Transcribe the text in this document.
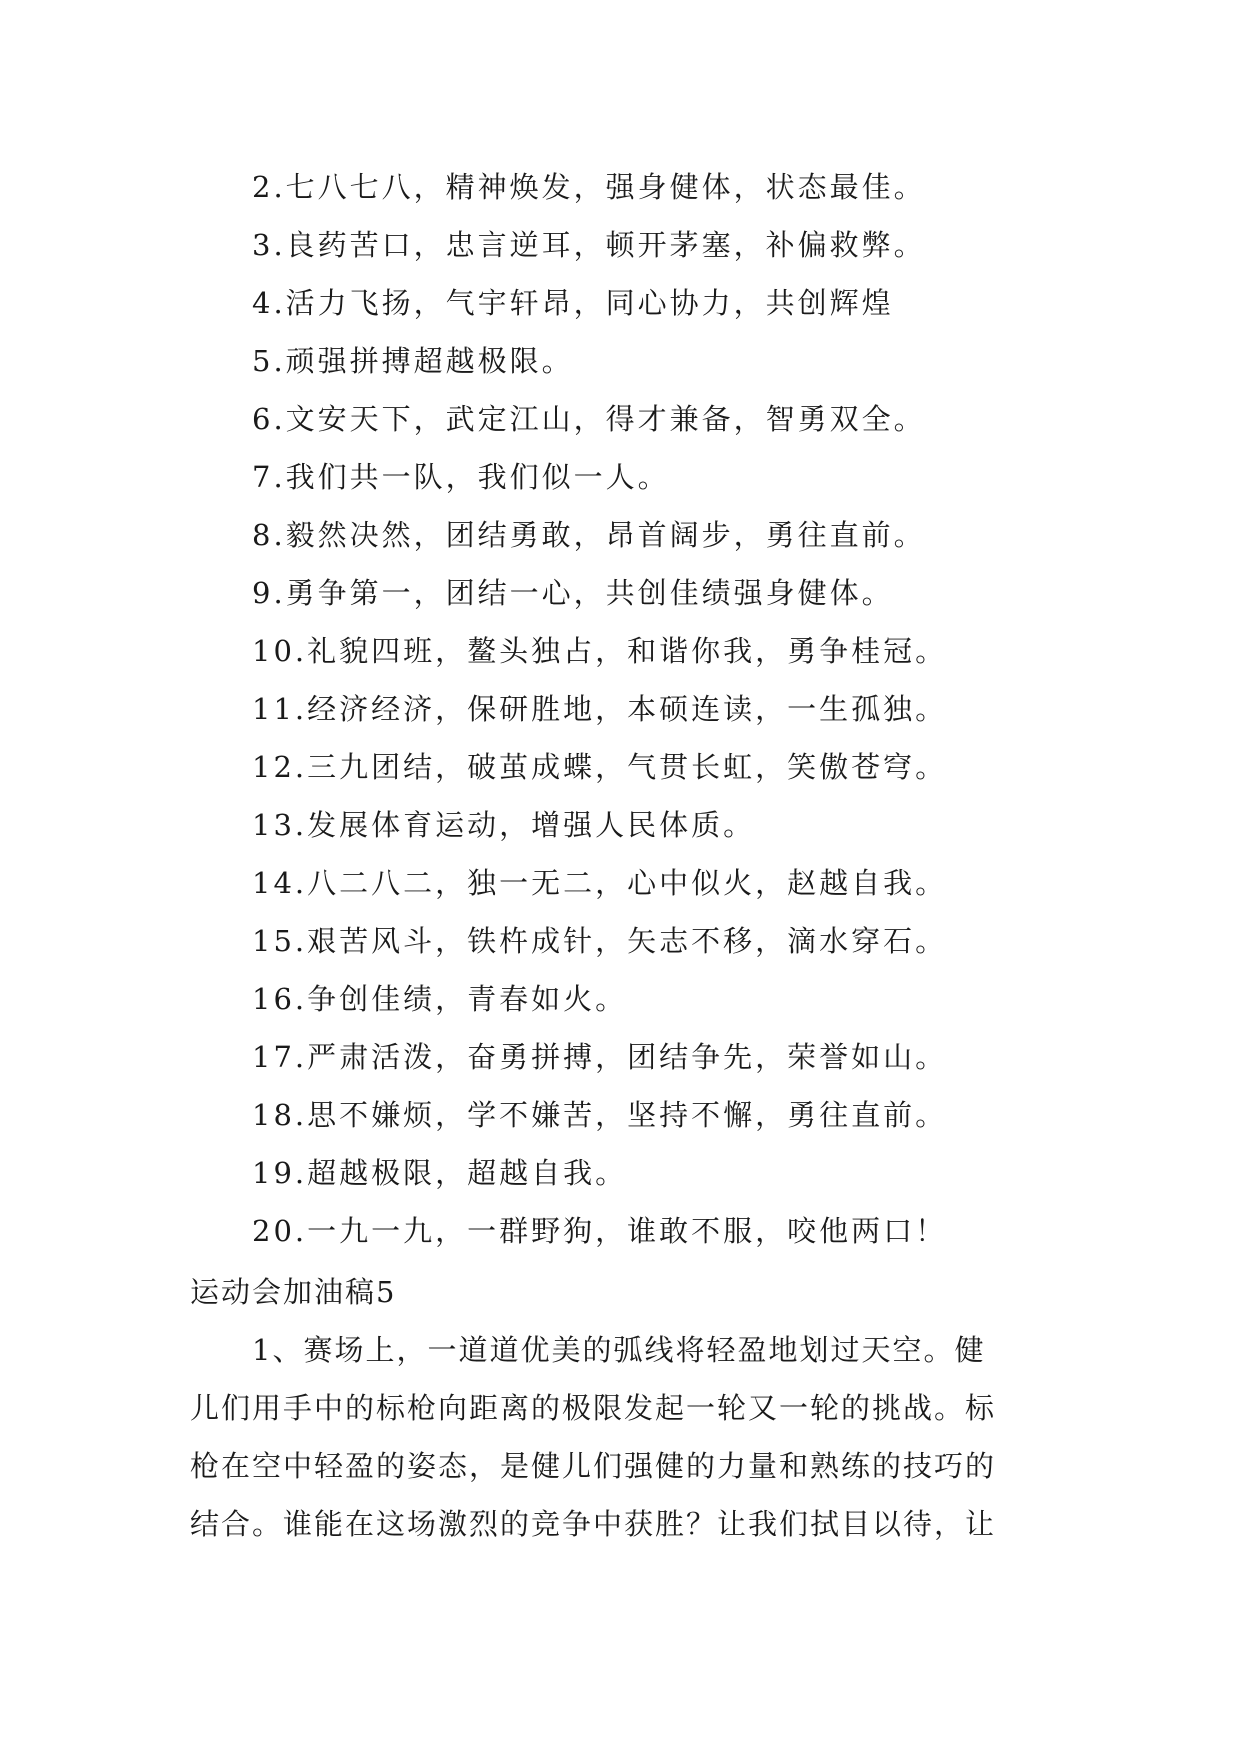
2.七八七八，精神焕发，强身健体，状态最佳。
3.良药苦口，忠言逆耳，顿开茅塞，补偏救弊。
4.活力飞扬，气宇轩昂，同心协力，共创辉煌
5.顽强拼搏超越极限。
6.文安天下，武定江山，得才兼备，智勇双全。
7.我们共一队，我们似一人。
8.毅然决然，团结勇敢，昂首阔步，勇往直前。
9.勇争第一，团结一心，共创佳绩强身健体。
10.礼貌四班，鳌头独占，和谐你我，勇争桂冠。
11.经济经济，保研胜地，本硕连读，一生孤独。
12.三九团结，破茧成蝶，气贯长虹，笑傲苍穹。
13.发展体育运动，增强人民体质。
14.八二八二，独一无二，心中似火，赵越自我。
15.艰苦风斗，铁杵成针，矢志不移，滴水穿石。
16.争创佳绩，青春如火。
17.严肃活泼，奋勇拼搏，团结争先，荣誉如山。
18.思不嫌烦，学不嫌苦，坚持不懈，勇往直前。
19.超越极限，超越自我。
20.一九一九，一群野狗，谁敢不服，咬他两口！
运动会加油稿5

1、赛场上，一道道优美的弧线将轻盈地划过天空。健
儿们用手中的标枪向距离的极限发起一轮又一轮的挑战。标
枪在空中轻盈的姿态，是健儿们强健的力量和熟练的技巧的
结合。谁能在这场激烈的竞争中获胜？让我们拭目以待，让
